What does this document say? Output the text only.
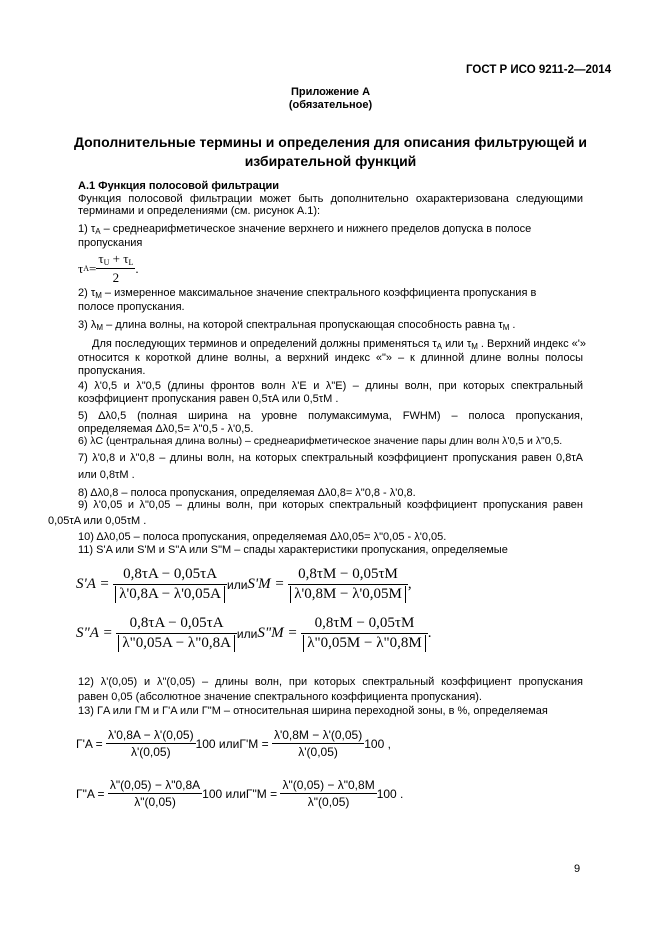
ГОСТ Р ИСО 9211-2—2014
Приложение А
(обязательное)
Дополнительные термины и определения для описания фильтрующей и
избирательной функций
А.1 Функция полосовой фильтрации
Функция полосовой фильтрации может быть дополнительно охарактеризована следующими
терминами и определениями (см. рисунок А.1):
1) $\tau_A$ – среднеарифметическое значение верхнего и нижнего пределов допуска в полосе
пропускания
τ $A = \frac{\tau_U + \tau_L}{2}$ .
2) $\tau_M$ – измеренное максимальное значение спектрального коэффициента пропускания в
полосе пропускания.
3) $\lambda_M$ – длина волны, на которой спектральная пропускающая способность равна $\tau_M$ .
Для последующих терминов и определений должны применяться $\tau_A$ или $\tau_M$ . Верхний индекс «'»
относится к короткой длине волны, а верхний индекс «"» – к длинной длине волны полосы
пропускания.
4) λ'0,5 и λ"0,5 (длины фронтов волн λ'E и λ"E) – длины волн, при которых спектральный
коэффициент пропускания равен 0,5τA или 0,5τM .
5) Δλ0,5 (полная ширина на уровне полумаксимума, FWHM) – полоса пропускания,
определяемая Δλ0,5= λ"0,5 - λ'0,5.
6) λC (центральная длина волны) – среднеарифметическое значение пары длин волн λ'0,5 и λ"0,5.
7) λ'0,8 и λ"0,8 – длины волн, на которых спектральный коэффициент пропускания равен 0,8τA
или 0,8τM .
8) Δλ0,8 – полоса пропускания, определяемая Δλ0,8= λ"0,8 - λ'0,8.
9) λ'0,05 и λ"0,05 – длины волн, при которых спектральный коэффициент пропускания равен
0,05τA или 0,05τM .
10) Δλ0,05 – полоса пропускания, определяемая Δλ0,05= λ"0,05 - λ'0,05.
11) S'A или S'M и S"A или S"M – спады характеристики пропускания, определяемые
S'A =
$\frac{0,8\tau A - 0,05\tau A}{\lambda'0,8A - \lambda'0,05A}$ или S'M =
$\frac{0,8\tau M - 0,05\tau M}{\lambda'0,8M - \lambda'0,05M}$ ,
S"A =
$\frac{0,8\tau A - 0,05\tau A}{\lambda"0,05A - \lambda"0,8A}$ или S"M =
$\frac{0,8\tau M - 0,05\tau M}{\lambda"0,05M - \lambda"0,8M}$ .
12) λ'(0,05) и λ"(0,05) – длины волн, при которых спектральный коэффициент пропускания
равен 0,05 (абсолютное значение спектрального коэффициента пропускания).
13) ΓA или ΓM и Γ'A или Γ"M – относительная ширина переходной зоны, в %, определяемая
Γ'A =
$\frac{\lambda'0,8A - \lambda'(0,05)}{\lambda'(0,05)} 100$ или Γ'M =
$\frac{\lambda'0,8M - \lambda'(0,05)}{\lambda'(0,05)} 100$ ,
Γ"A =
$\frac{\lambda"(0,05) - \lambda"0,8A}{\lambda"(0,05)} 100$ или Γ"M =
$\frac{\lambda"(0,05) - \lambda"0,8M}{\lambda"(0,05)} 100$ .
9
